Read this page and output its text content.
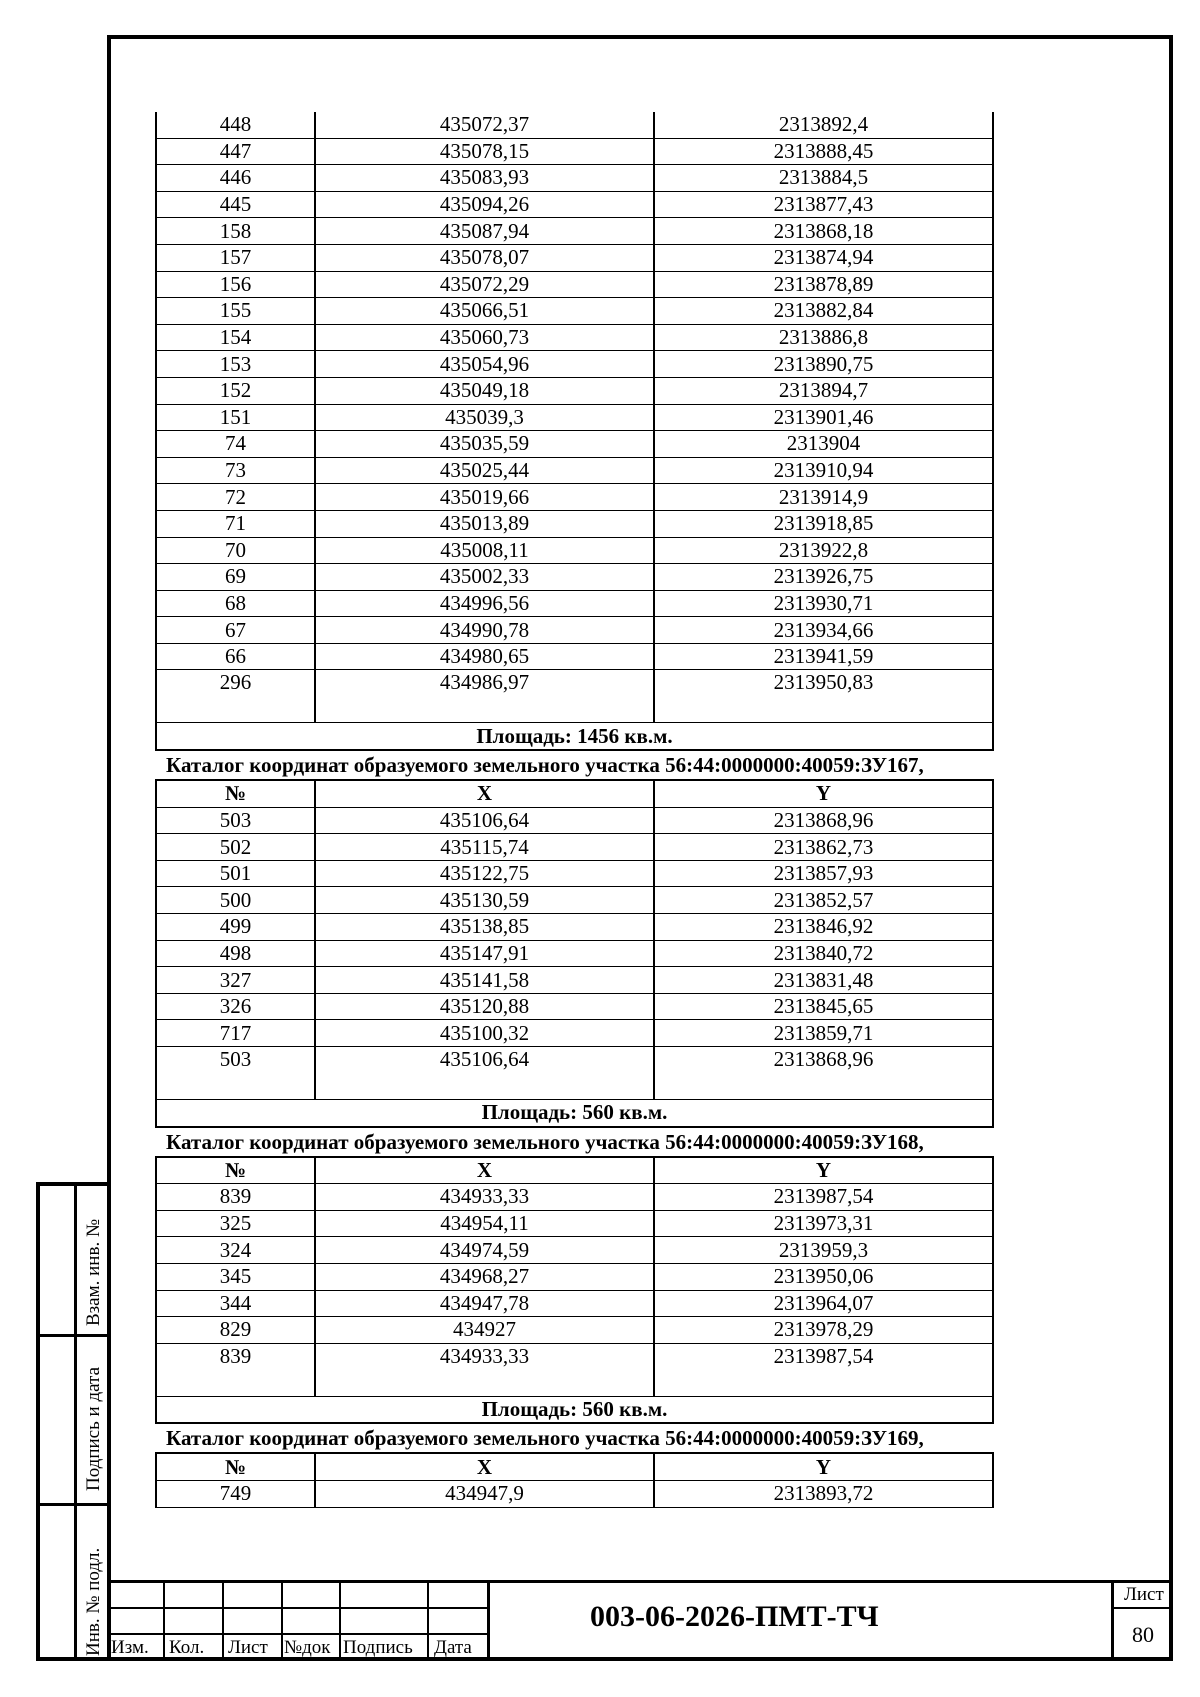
Взам. инв. №
Подпись и дата
Инв. № подл.
448	435072,37	2313892,4
447	435078,15	2313888,45
446	435083,93	2313884,5
445	435094,26	2313877,43
158	435087,94	2313868,18
157	435078,07	2313874,94
156	435072,29	2313878,89
155	435066,51	2313882,84
154	435060,73	2313886,8
153	435054,96	2313890,75
152	435049,18	2313894,7
151	435039,3	2313901,46
74	435035,59	2313904
73	435025,44	2313910,94
72	435019,66	2313914,9
71	435013,89	2313918,85
70	435008,11	2313922,8
69	435002,33	2313926,75
68	434996,56	2313930,71
67	434990,78	2313934,66
66	434980,65	2313941,59
296	434986,97	2313950,83
Площадь: 1456 кв.м.		
Каталог координат образуемого земельного участка 56:44:0000000:40059:ЗУ167,
№	X	Y
503	435106,64	2313868,96
502	435115,74	2313862,73
501	435122,75	2313857,93
500	435130,59	2313852,57
499	435138,85	2313846,92
498	435147,91	2313840,72
327	435141,58	2313831,48
326	435120,88	2313845,65
717	435100,32	2313859,71
503	435106,64	2313868,96
Площадь: 560 кв.м.		
Каталог координат образуемого земельного участка 56:44:0000000:40059:ЗУ168,
№	X	Y
839	434933,33	2313987,54
325	434954,11	2313973,31
324	434974,59	2313959,3
345	434968,27	2313950,06
344	434947,78	2313964,07
829	434927	2313978,29
839	434933,33	2313987,54
Площадь: 560 кв.м.		
Каталог координат образуемого земельного участка 56:44:0000000:40059:ЗУ169,
№	X	Y
749	434947,9	2313893,72
Изм. Кол. Лист №док Подпись Дата
003-06-2026-ПМТ-ТЧ
Лист
80
